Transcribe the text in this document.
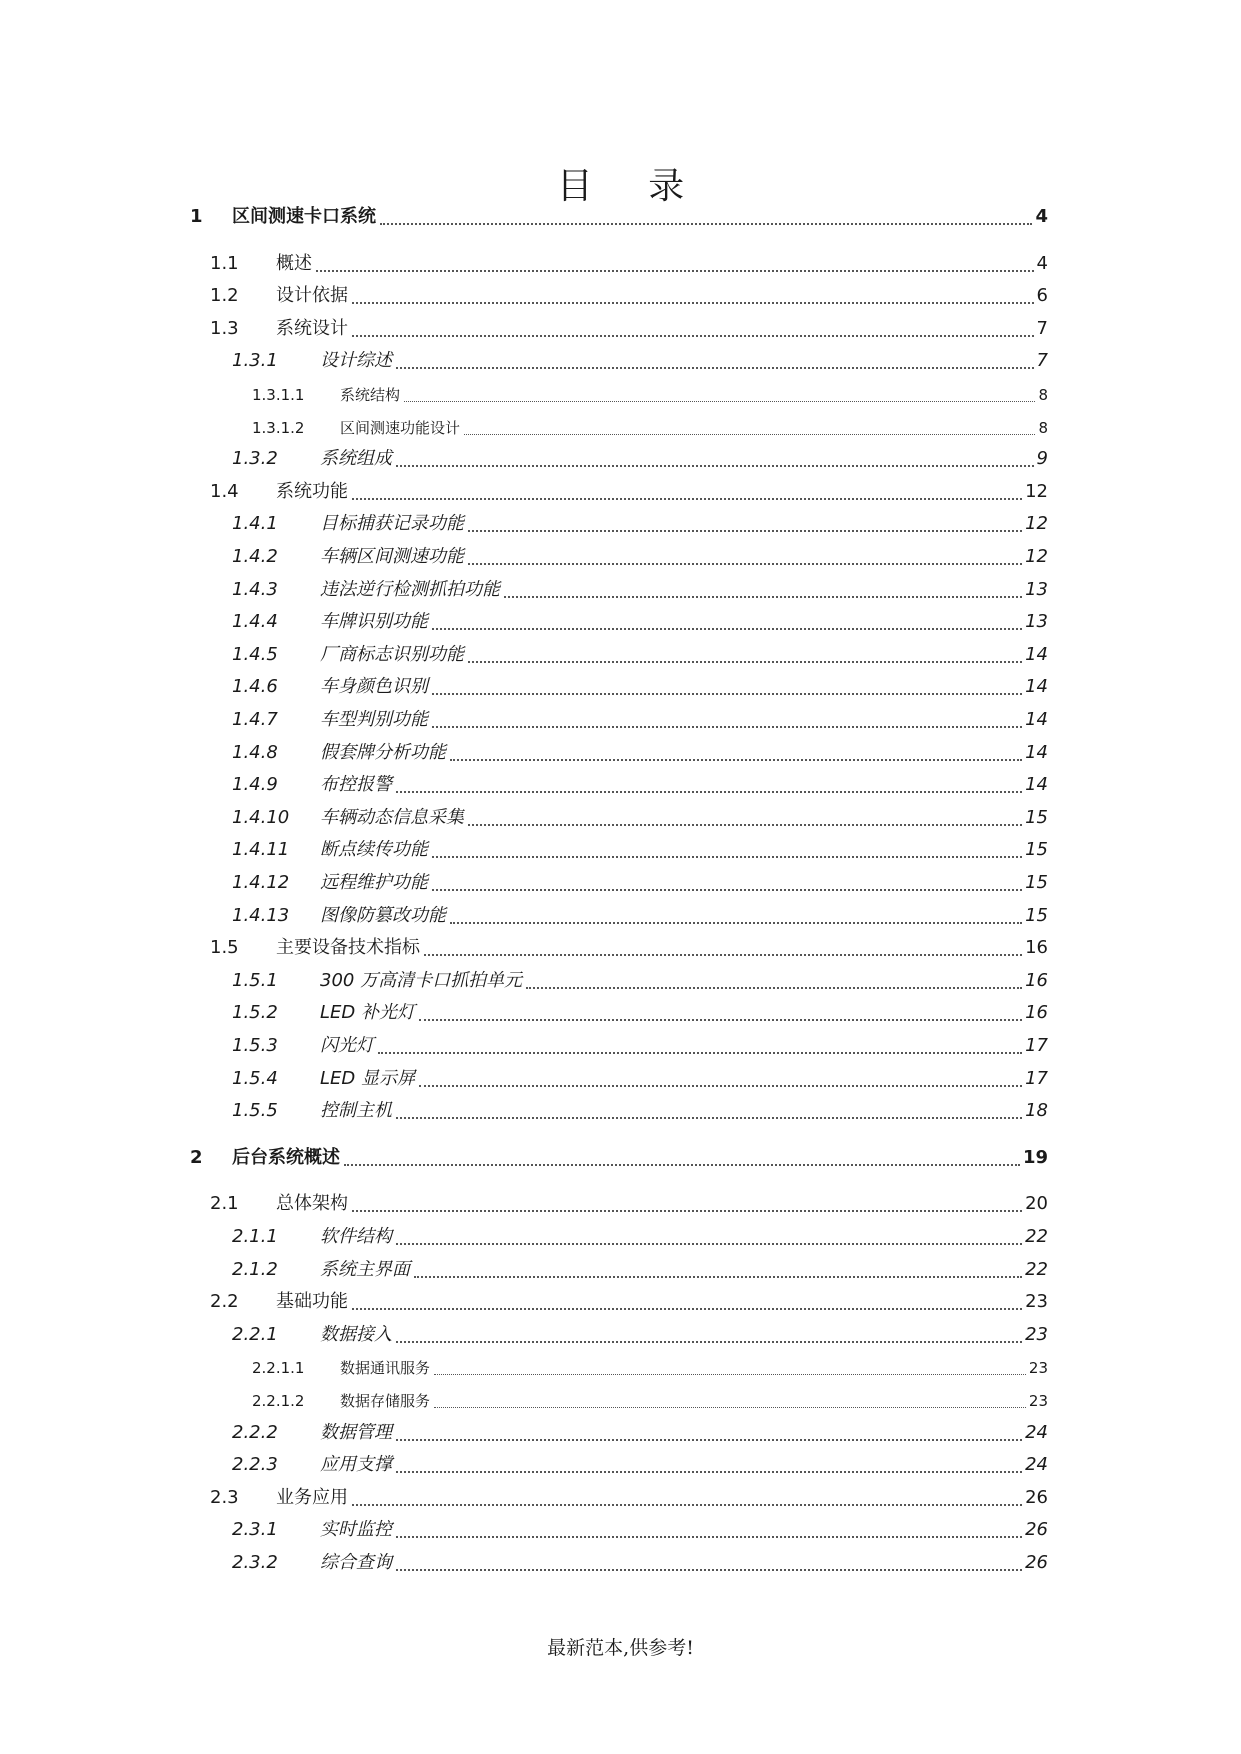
目 录
1 区间测速卡口系统	4
1.1 概述	4
1.2 设计依据	6
1.3 系统设计	7
1.3.1 设计综述	7
1.3.1.1 系统结构	8
1.3.1.2 区间测速功能设计	8
1.3.2 系统组成	9
1.4 系统功能	12
1.4.1 目标捕获记录功能	12
1.4.2 车辆区间测速功能	12
1.4.3 违法逆行检测抓拍功能	13
1.4.4 车牌识别功能	13
1.4.5 厂商标志识别功能	14
1.4.6 车身颜色识别	14
1.4.7 车型判别功能	14
1.4.8 假套牌分析功能	14
1.4.9 布控报警	14
1.4.10 车辆动态信息采集	15
1.4.11 断点续传功能	15
1.4.12 远程维护功能	15
1.4.13 图像防篡改功能	15
1.5 主要设备技术指标	16
1.5.1 300 万高清卡口抓拍单元	16
1.5.2 LED 补光灯	16
1.5.3 闪光灯	17
1.5.4 LED 显示屏	17
1.5.5 控制主机	18
2 后台系统概述	19
2.1 总体架构	20
2.1.1 软件结构	22
2.1.2 系统主界面	22
2.2 基础功能	23
2.2.1 数据接入	23
2.2.1.1 数据通讯服务	23
2.2.1.2 数据存储服务	23
2.2.2 数据管理	24
2.2.3 应用支撑	24
2.3 业务应用	26
2.3.1 实时监控	26
2.3.2 综合查询	26
最新范本,供参考!
